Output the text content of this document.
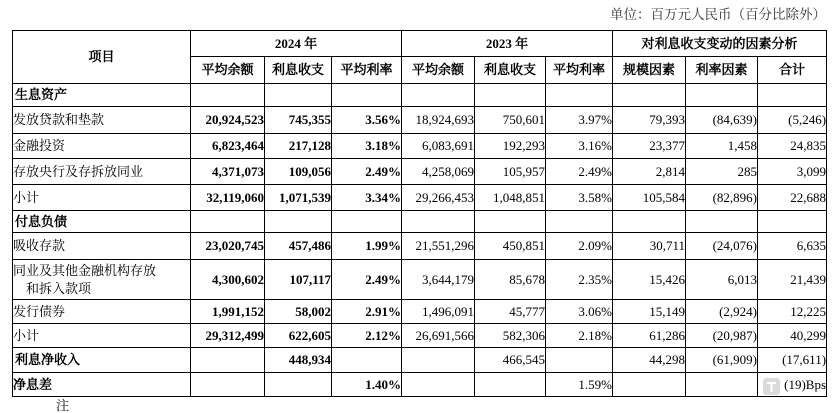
单位：百万元人民币（百分比除外）
项目	2024 年			2023 年			对利息收支变动的因素分析		
	平均余额	利息收支	平均利率	平均余额	利息收支	平均利率	规模因素	利率因素	合计
生息资产									
发放贷款和垫款	20,924,523	745,355	3.56%	18,924,693	750,601	3.97%	79,393	(84,639)	(5,246)
金融投资	6,823,464	217,128	3.18%	6,083,691	192,293	3.16%	23,377	1,458	24,835
存放央行及存拆放同业	4,371,073	109,056	2.49%	4,258,069	105,957	2.49%	2,814	285	3,099
小计	32,119,060	1,071,539	3.34%	29,266,453	1,048,851	3.58%	105,584	(82,896)	22,688
付息负债									
吸收存款	23,020,745	457,486	1.99%	21,551,296	450,851	2.09%	30,711	(24,076)	6,635

同业及其他金融机构存放
和拆入款项	4,300,602	107,117	2.49%	3,644,179	85,678	2.35%	15,426	6,013	21,439
发行债券	1,991,152	58,002	2.91%	1,496,091	45,777	3.06%	15,149	(2,924)	12,225
小计	29,312,499	622,605	2.12%	26,691,566	582,306	2.18%	61,286	(20,987)	40,299
利息净收入		448,934			466,545		44,298	(61,909)	(17,611)
净息差			1.40%			1.59%			(19)Bps
注
